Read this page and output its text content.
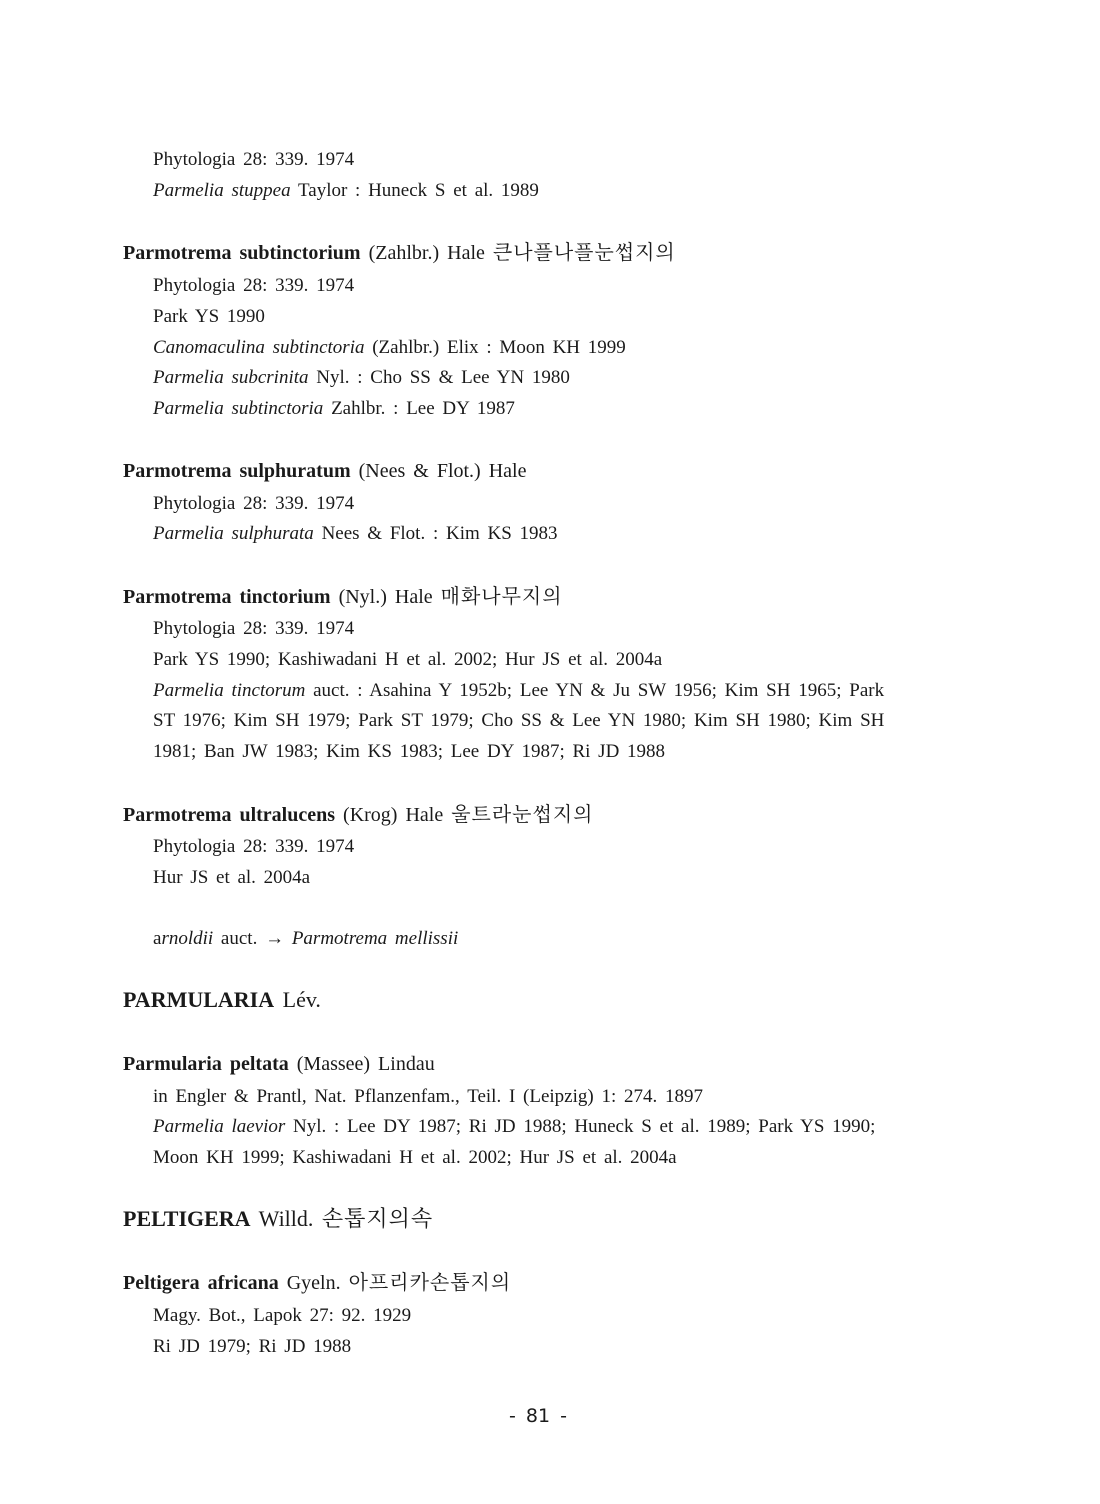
Phytologia 28: 339. 1974
Parmelia stuppea Taylor : Huneck S et al. 1989
Parmotrema subtinctorium (Zahlbr.) Hale 큰나플나플눈썹지의
Phytologia 28: 339. 1974
Park YS 1990
Canomaculina subtinctoria (Zahlbr.) Elix : Moon KH 1999
Parmelia subcrinita Nyl. : Cho SS & Lee YN 1980
Parmelia subtinctoria Zahlbr. : Lee DY 1987
Parmotrema sulphuratum (Nees & Flot.) Hale
Phytologia 28: 339. 1974
Parmelia sulphurata Nees & Flot. : Kim KS 1983
Parmotrema tinctorium (Nyl.) Hale 매화나무지의
Phytologia 28: 339. 1974
Park YS 1990; Kashiwadani H et al. 2002; Hur JS et al. 2004a
Parmelia tinctorum auct. : Asahina Y 1952b; Lee YN & Ju SW 1956; Kim SH 1965; Park
ST 1976; Kim SH 1979; Park ST 1979; Cho SS & Lee YN 1980; Kim SH 1980; Kim SH
1981; Ban JW 1983; Kim KS 1983; Lee DY 1987; Ri JD 1988
Parmotrema ultralucens (Krog) Hale 울트라눈썹지의
Phytologia 28: 339. 1974
Hur JS et al. 2004a
arnoldii auct. → Parmotrema mellissii
PARMULARIA Lév.
Parmularia peltata (Massee) Lindau
in Engler & Prantl, Nat. Pflanzenfam., Teil. I (Leipzig) 1: 274. 1897
Parmelia laevior Nyl. : Lee DY 1987; Ri JD 1988; Huneck S et al. 1989; Park YS 1990;
Moon KH 1999; Kashiwadani H et al. 2002; Hur JS et al. 2004a
PELTIGERA Willd. 손톱지의속
Peltigera africana Gyeln. 아프리카손톱지의
Magy. Bot., Lapok 27: 92. 1929
Ri JD 1979; Ri JD 1988
- 81 -
